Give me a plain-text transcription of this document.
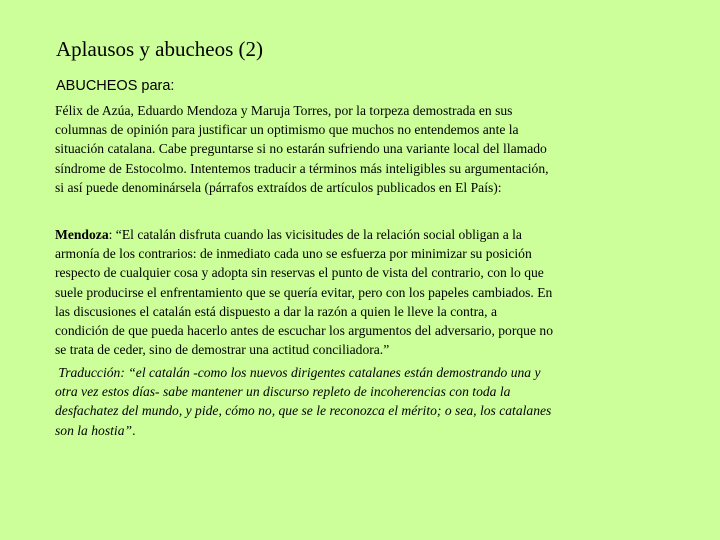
Aplausos y abucheos (2)
ABUCHEOS para:
Félix de Azúa, Eduardo Mendoza y Maruja Torres, por la torpeza demostrada en sus
columnas de opinión para justificar un optimismo que muchos no entendemos ante la
situación catalana. Cabe preguntarse si no estarán sufriendo una variante local del llamado
síndrome de Estocolmo. Intentemos traducir a términos más inteligibles su argumentación,
si así puede denominársela (párrafos extraídos de artículos publicados en El País):
Mendoza: “El catalán disfruta cuando las vicisitudes de la relación social obligan a la
armonía de los contrarios: de inmediato cada uno se esfuerza por minimizar su posición
respecto de cualquier cosa y adopta sin reservas el punto de vista del contrario, con lo que
suele producirse el enfrentamiento que se quería evitar, pero con los papeles cambiados. En
las discusiones el catalán está dispuesto a dar la razón a quien le lleve la contra, a
condición de que pueda hacerlo antes de escuchar los argumentos del adversario, porque no
se trata de ceder, sino de demostrar una actitud conciliadora.”
Traducción: “el catalán -como los nuevos dirigentes catalanes están demostrando una y
otra vez estos días- sabe mantener un discurso repleto de incoherencias con toda la
desfachatez del mundo, y pide, cómo no, que se le reconozca el mérito; o sea, los catalanes
son la hostia”.
